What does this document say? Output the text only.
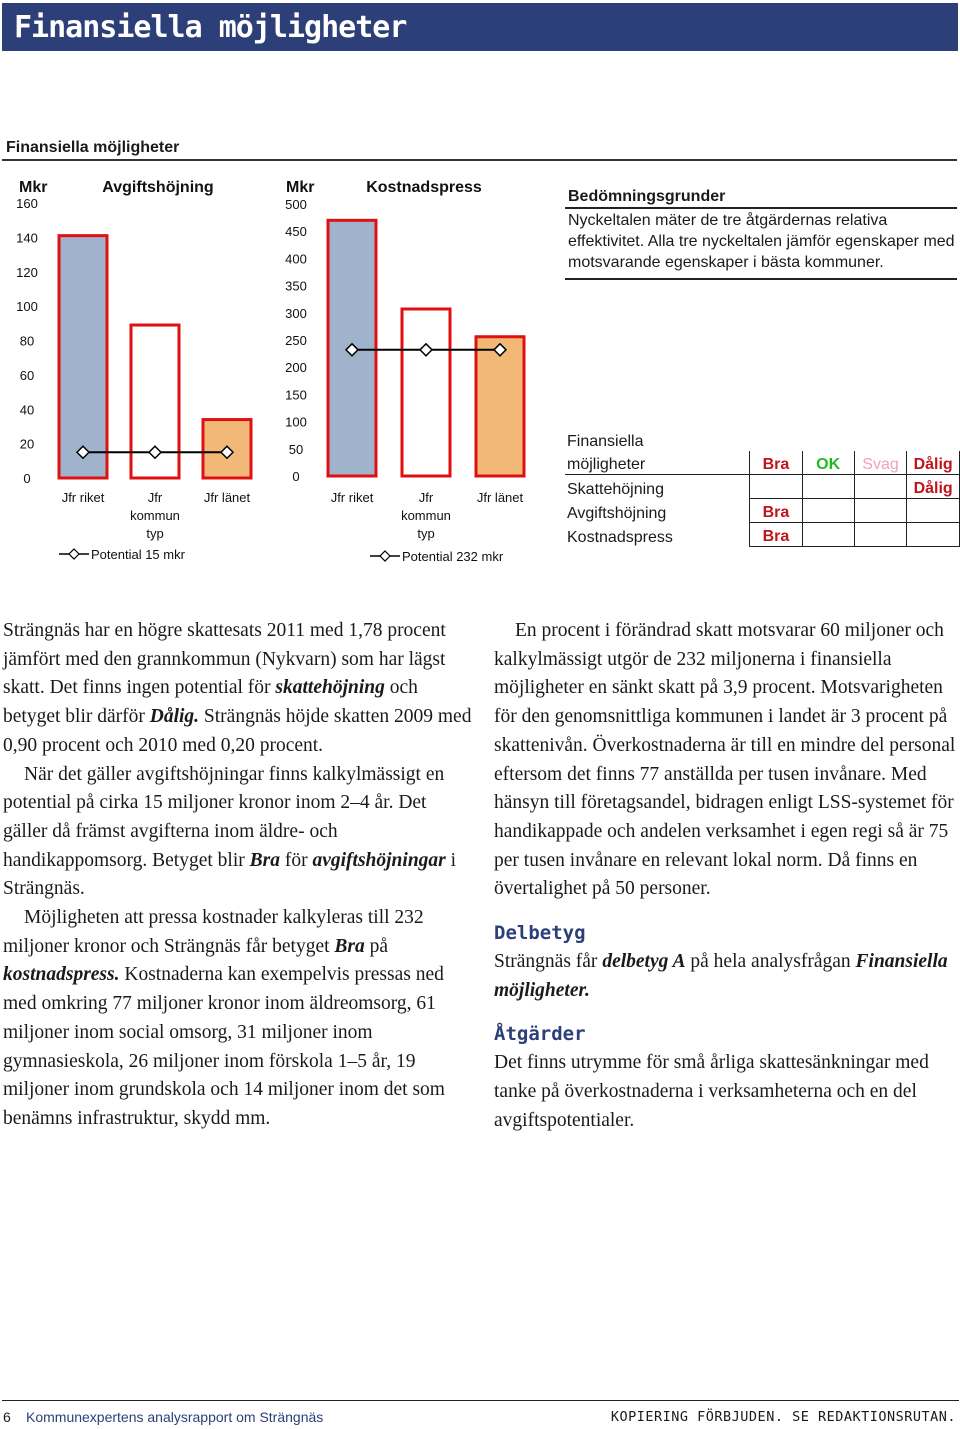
Finansiella möjligheter
Finansiella möjligheter
Mkr	Avgiftshöjning
160
140
120
100
80
60
40
20
0
Jfr riket	Jfr
kommun
typ
Jfr länet
Potential 15 mkr
Mkr	Kostnadspress
500
450
400
350
300
250
200
150
100
50
0
Jfr riket	Jfr
kommun
typ
Jfr länet
Potential 232 mkr
Bedömningsgrunder
Nyckeltalen mäter de tre åtgärdernas relativa effektivitet. Alla tre nyckeltalen jämför egenskaper med motsvarande egenskaper i bästa kommuner.
Finansiella				
möjligheter	Bra	OK	Svag	Dålig
Skattehöjning				Dålig
Avgiftshöjning	Bra			
Kostnadspress	Bra			

Strängnäs har en högre skattesats 2011 med 1,78 procent jämfört med den grannkommun (Nykvarn) som har lägst skatt. Det finns ingen potential för skattehöjning och betyget blir därför Dålig. Strängnäs höjde skatten 2009 med 0,90 procent och 2010 med 0,20 procent.

När det gäller avgiftshöjningar finns kalkylmässigt en potential på cirka 15 miljoner kronor inom 2–4 år. Det gäller då främst avgifterna inom äldre- och handikappomsorg. Betyget blir Bra för avgiftshöjningar i Strängnäs.

Möjligheten att pressa kostnader kalkyleras till 232 miljoner kronor och Strängnäs får betyget Bra på kostnadspress. Kostnaderna kan exempelvis pressas ned med omkring 77 miljoner kronor inom äldreomsorg, 61 miljoner inom social omsorg, 31 miljoner inom gymnasieskola, 26 miljoner inom förskola 1–5 år, 19 miljoner inom grundskola och 14 miljoner inom det som benämns infrastruktur, skydd mm.

En procent i förändrad skatt motsvarar 60 miljoner och kalkylmässigt utgör de 232 miljonerna i finansiella möjligheter en sänkt skatt på 3,9 procent. Motsvarigheten för den genomsnittliga kommunen i landet är 3 procent på skattenivån. Överkostnaderna är till en mindre del personal eftersom det finns 77 anställda per tusen invånare. Med hänsyn till företagsandel, bidragen enligt LSS-systemet för handikappade och andelen verksamhet i egen regi så är 75 per tusen invånare en relevant lokal norm. Då finns en övertalighet på 50 personer.

Delbetyg

Strängnäs får delbetyg A på hela analysfrågan Finansiella möjligheter.

Åtgärder

Det finns utrymme för små årliga skattesänkningar med tanke på överkostnaderna i verksamheterna och en del avgiftspotentialer.

6 Kommunexpertens analysrapport om Strängnäs	KOPIERING FÖRBJUDEN. SE REDAKTIONSRUTAN.
